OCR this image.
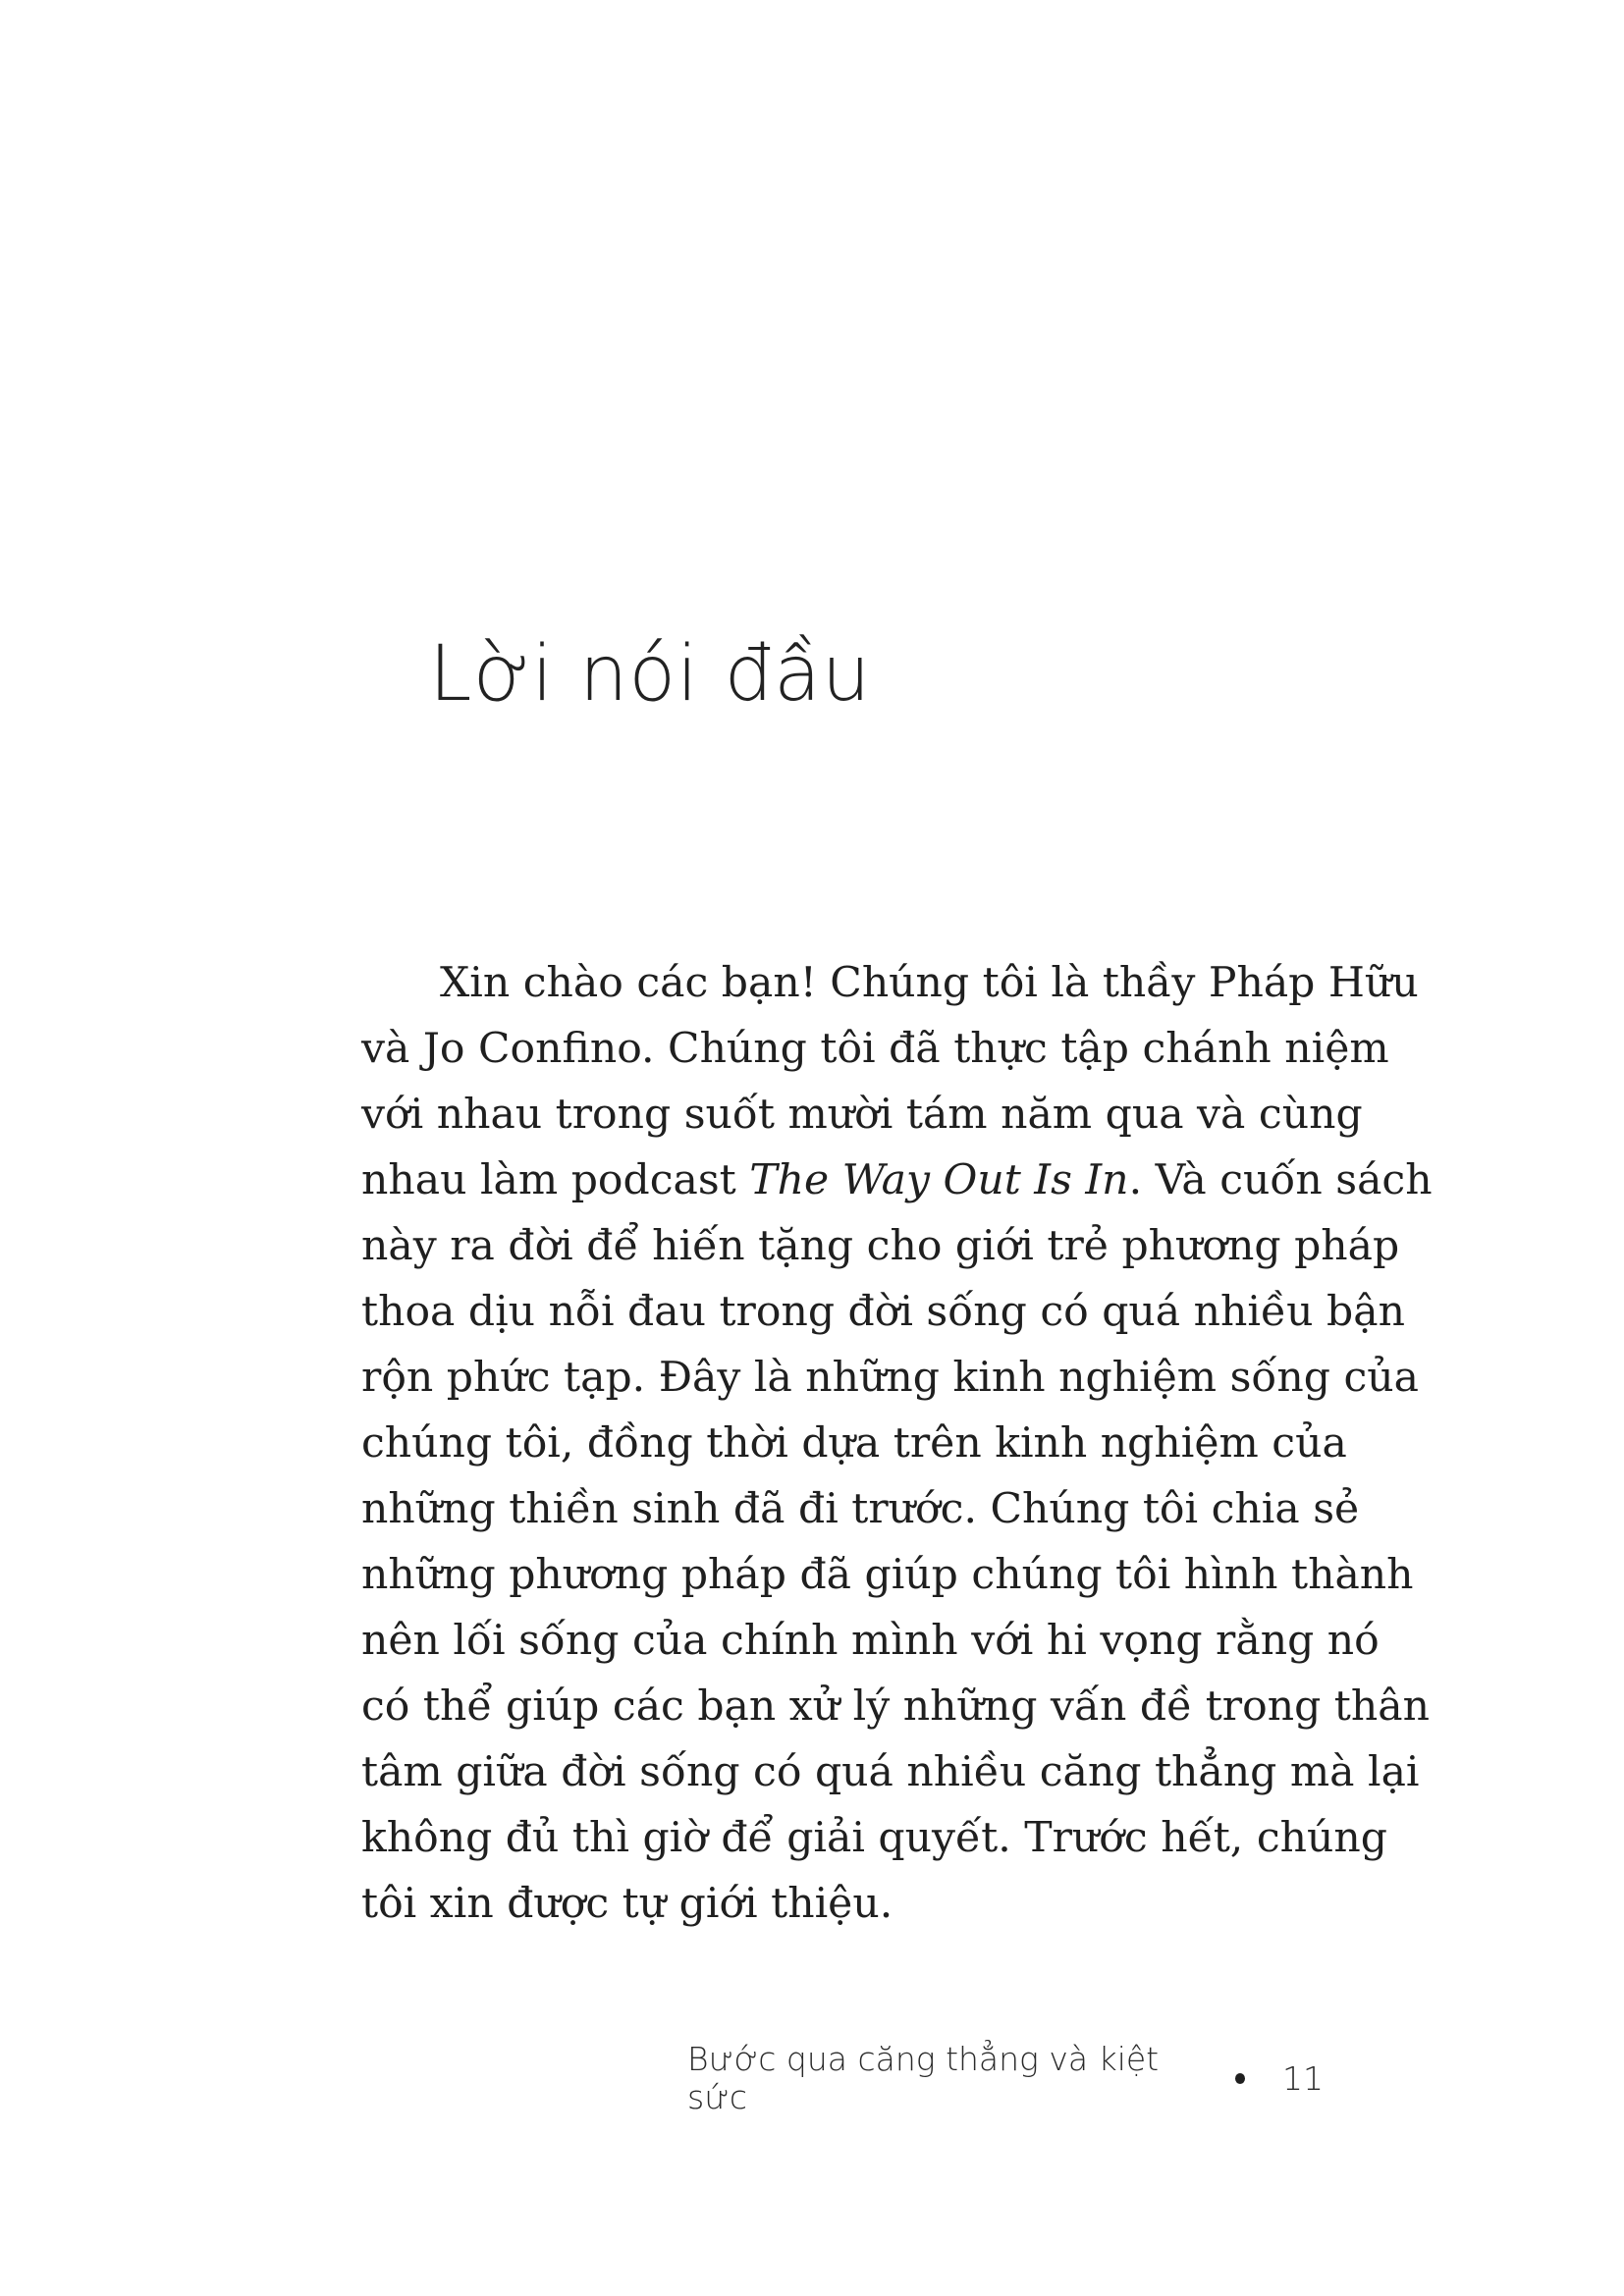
Lời nói đầu
Xin chào các bạn! Chúng tôi là thầy Pháp Hữu
và Jo Confino. Chúng tôi đã thực tập chánh niệm
với nhau trong suốt mười tám năm qua và cùng
nhau làm podcast The Way Out Is In. Và cuốn sách
này ra đời để hiến tặng cho giới trẻ phương pháp
thoa dịu nỗi đau trong đời sống có quá nhiều bận
rộn phức tạp. Đây là những kinh nghiệm sống của
chúng tôi, đồng thời dựa trên kinh nghiệm của
những thiền sinh đã đi trước. Chúng tôi chia sẻ
những phương pháp đã giúp chúng tôi hình thành
nên lối sống của chính mình với hi vọng rằng nó
có thể giúp các bạn xử lý những vấn đề trong thân
tâm giữa đời sống có quá nhiều căng thẳng mà lại
không đủ thì giờ để giải quyết. Trước hết, chúng
tôi xin được tự giới thiệu.
Bước qua căng thẳng và kiệt sức	11
